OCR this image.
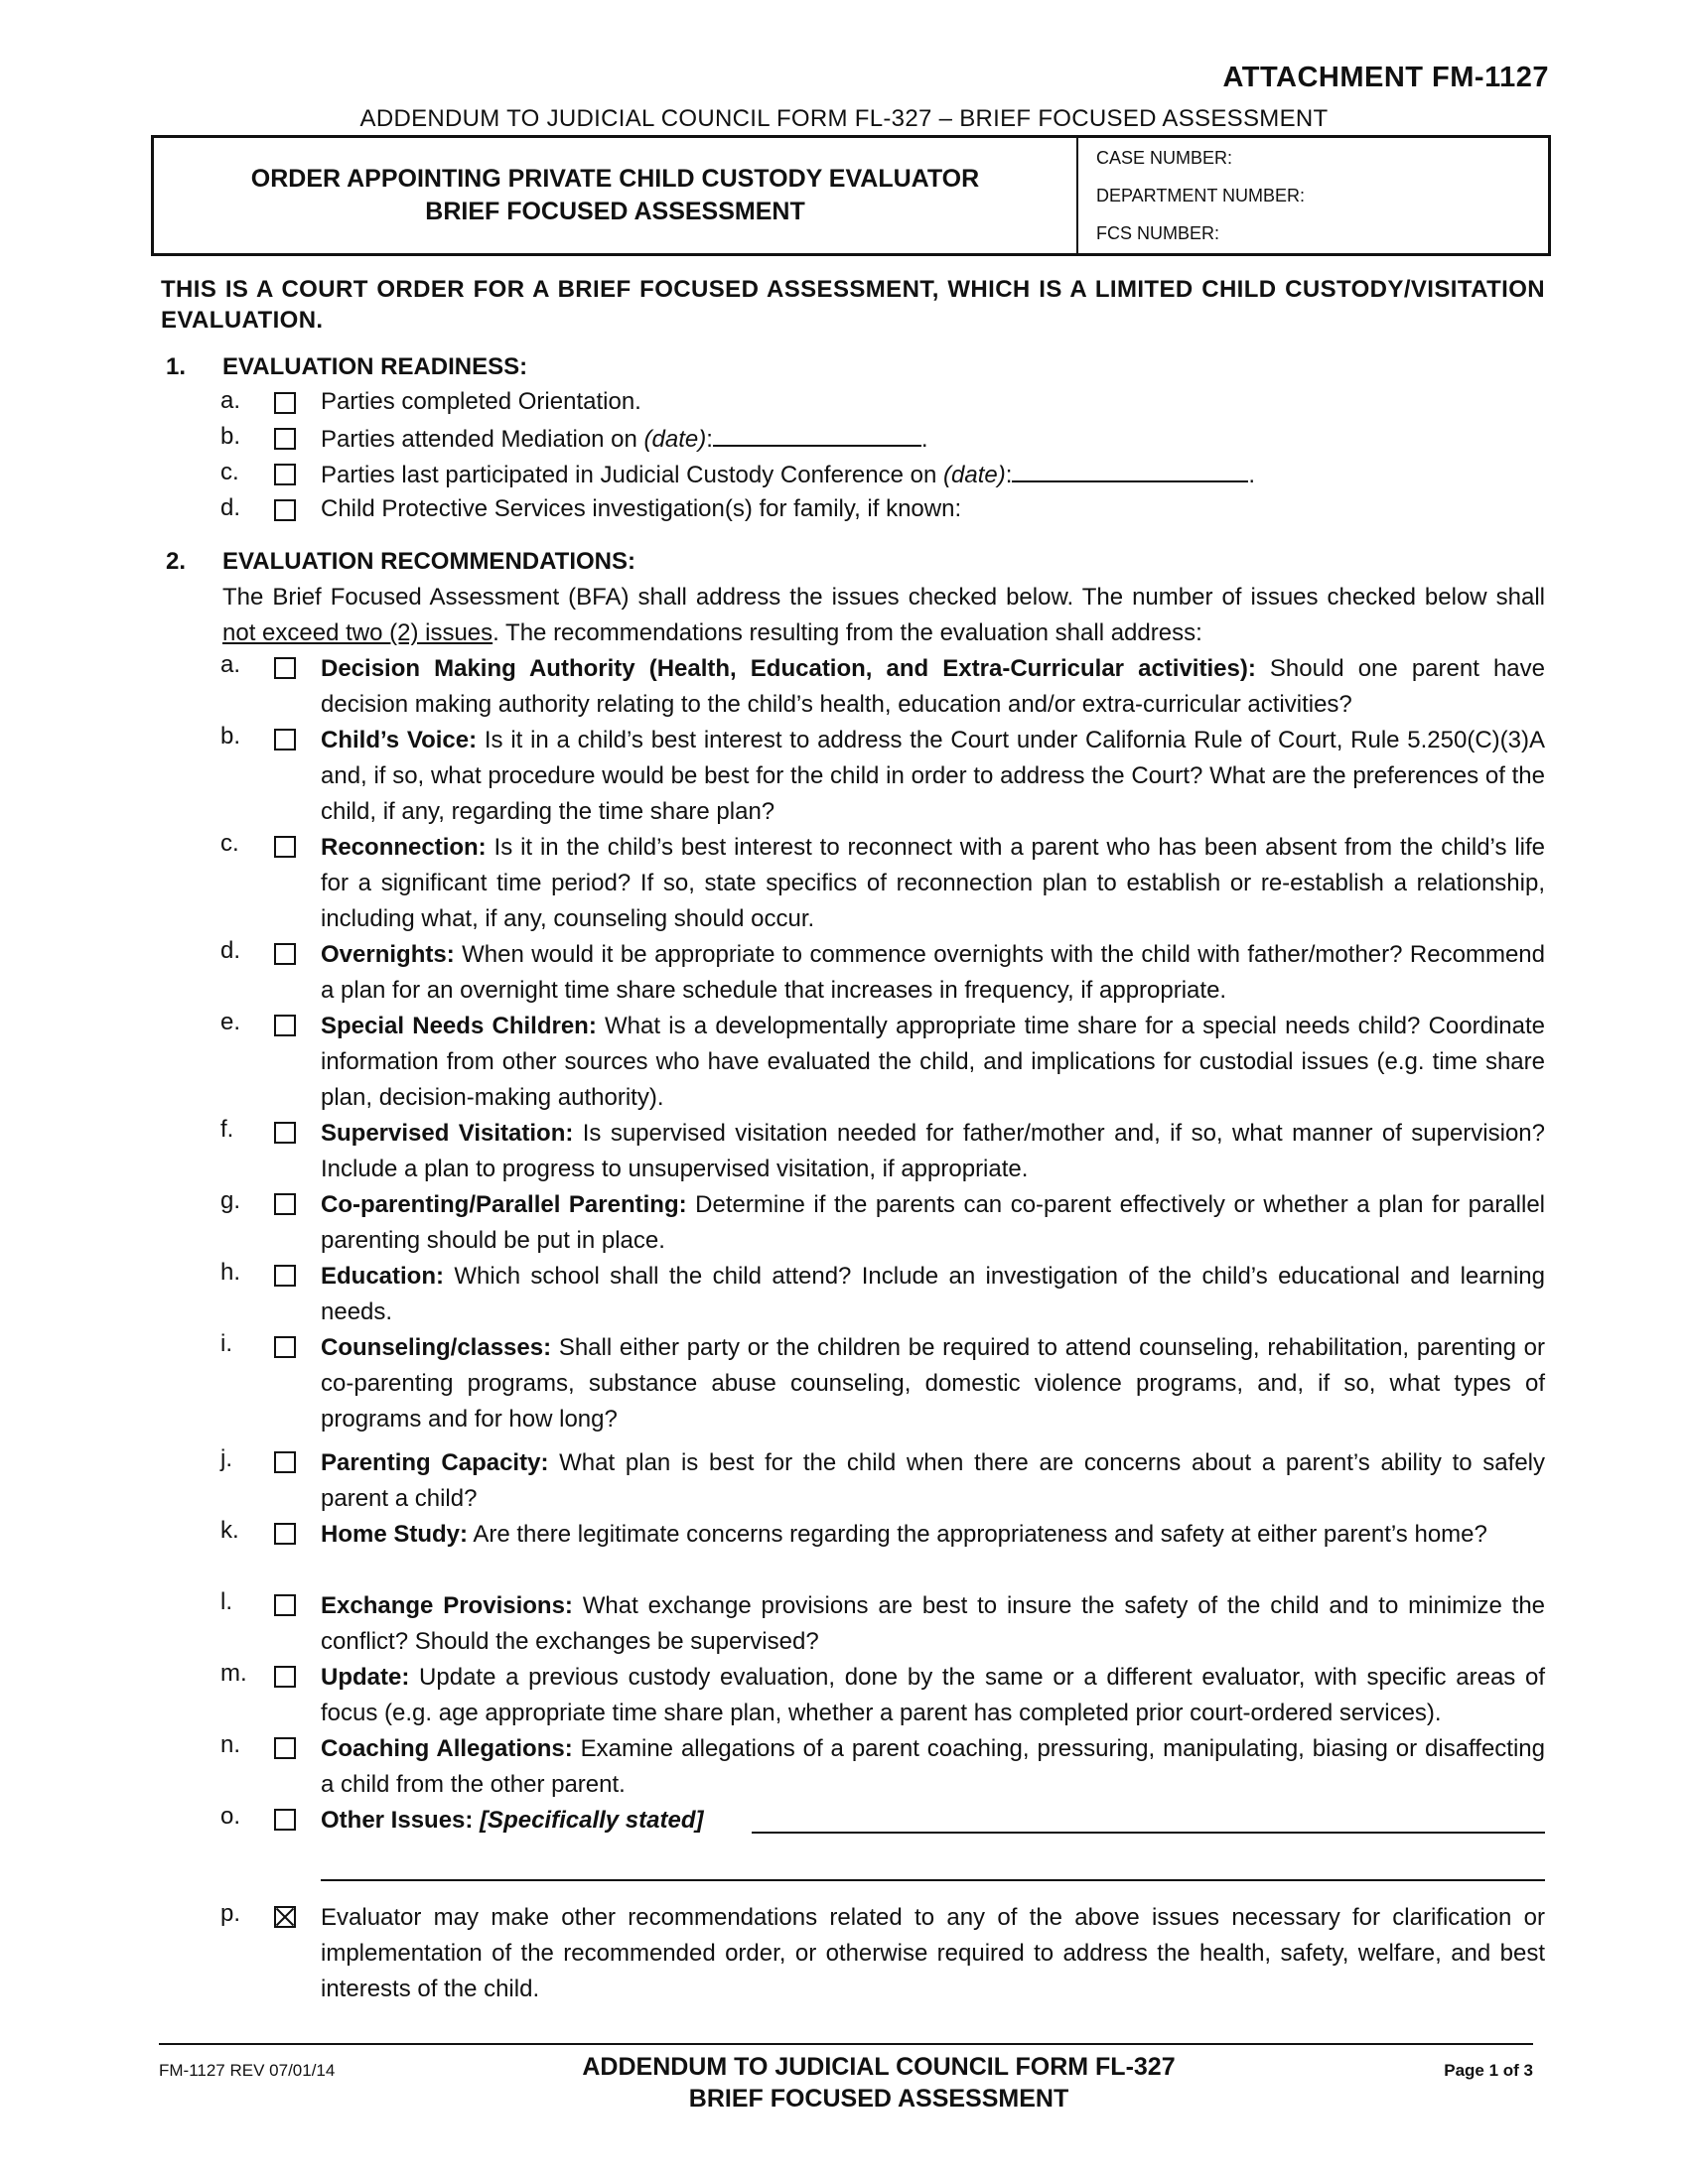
ATTACHMENT FM-1127
ADDENDUM TO JUDICIAL COUNCIL FORM FL-327 – BRIEF FOCUSED ASSESSMENT
ORDER APPOINTING PRIVATE CHILD CUSTODY EVALUATOR
BRIEF FOCUSED ASSESSMENT
CASE NUMBER:
DEPARTMENT NUMBER:
FCS NUMBER:
THIS IS A COURT ORDER FOR A BRIEF FOCUSED ASSESSMENT, WHICH IS A LIMITED CHILD CUSTODY/VISITATION EVALUATION.
1. EVALUATION READINESS:
a.	Parties completed Orientation.
b.	Parties attended Mediation on (date):	.
c.	Parties last participated in Judicial Custody Conference on (date):	.
d.	Child Protective Services investigation(s) for family, if known:
2. EVALUATION RECOMMENDATIONS:
The Brief Focused Assessment (BFA) shall address the issues checked below. The number of issues checked below shall not exceed two (2) issues. The recommendations resulting from the evaluation shall address:
a.	Decision Making Authority (Health, Education, and Extra-Curricular activities): Should one parent have decision making authority relating to the child’s health, education and/or extra-curricular activities?
b.	Child’s Voice: Is it in a child’s best interest to address the Court under California Rule of Court, Rule 5.250(C)(3)A and, if so, what procedure would be best for the child in order to address the Court? What are the preferences of the child, if any, regarding the time share plan?
c.	Reconnection: Is it in the child’s best interest to reconnect with a parent who has been absent from the child’s life for a significant time period? If so, state specifics of reconnection plan to establish or re-establish a relationship, including what, if any, counseling should occur.
d.	Overnights: When would it be appropriate to commence overnights with the child with father/mother? Recommend a plan for an overnight time share schedule that increases in frequency, if appropriate.
e.	Special Needs Children: What is a developmentally appropriate time share for a special needs child? Coordinate information from other sources who have evaluated the child, and implications for custodial issues (e.g. time share plan, decision-making authority).
f.	Supervised Visitation: Is supervised visitation needed for father/mother and, if so, what manner of supervision? Include a plan to progress to unsupervised visitation, if appropriate.
g.	Co-parenting/Parallel Parenting: Determine if the parents can co-parent effectively or whether a plan for parallel parenting should be put in place.
h.	Education: Which school shall the child attend? Include an investigation of the child’s educational and learning needs.
i.	Counseling/classes: Shall either party or the children be required to attend counseling, rehabilitation, parenting or co-parenting programs, substance abuse counseling, domestic violence programs, and, if so, what types of programs and for how long?
j.	Parenting Capacity: What plan is best for the child when there are concerns about a parent’s ability to safely parent a child?
k.	Home Study: Are there legitimate concerns regarding the appropriateness and safety at either parent’s home?
l.	Exchange Provisions: What exchange provisions are best to insure the safety of the child and to minimize the conflict? Should the exchanges be supervised?
m.	Update: Update a previous custody evaluation, done by the same or a different evaluator, with specific areas of focus (e.g. age appropriate time share plan, whether a parent has completed prior court-ordered services).
n.	Coaching Allegations: Examine allegations of a parent coaching, pressuring, manipulating, biasing or disaffecting a child from the other parent.
o.	Other Issues: [Specifically stated]
p.	Evaluator may make other recommendations related to any of the above issues necessary for clarification or implementation of the recommended order, or otherwise required to address the health, safety, welfare, and best interests of the child.
FM-1127 REV 07/01/14	ADDENDUM TO JUDICIAL COUNCIL FORM FL-327
BRIEF FOCUSED ASSESSMENT
Page 1 of 3
